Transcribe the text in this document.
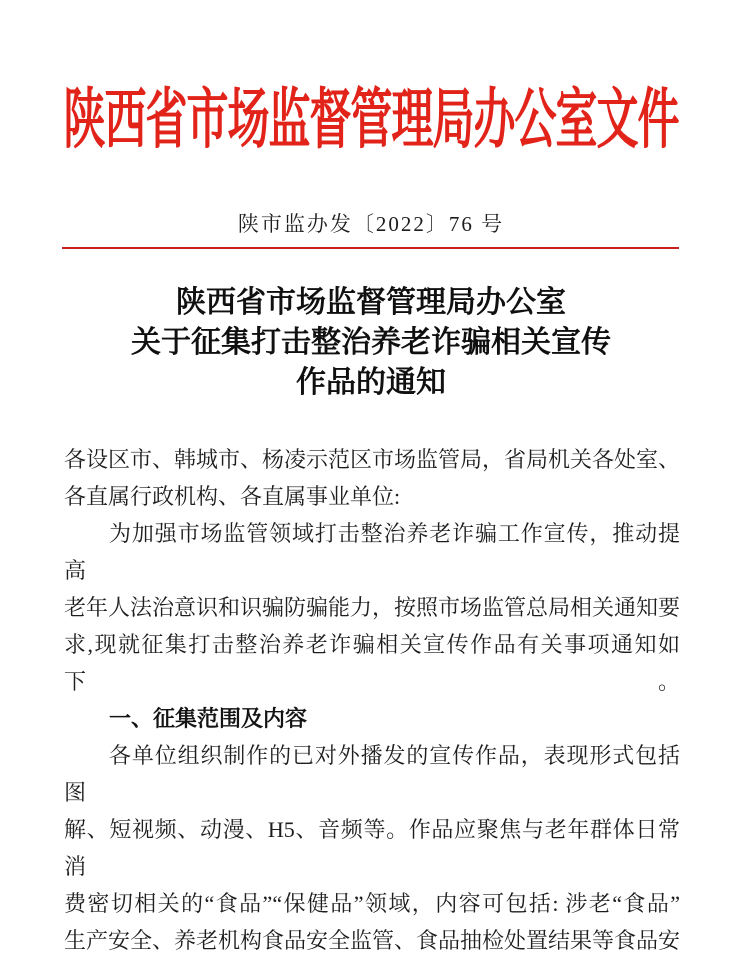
陕西省市场监督管理局办公室文件
陕市监办发〔2022〕76 号
陕西省市场监督管理局办公室
关于征集打击整治养老诈骗相关宣传
作品的通知
各设区市、韩城市、杨凌示范区市场监管局，省局机关各处室、
各直属行政机构、各直属事业单位:
为加强市场监管领域打击整治养老诈骗工作宣传，推动提高
老年人法治意识和识骗防骗能力，按照市场监管总局相关通知要
求,现就征集打击整治养老诈骗相关宣传作品有关事项通知如下。
一、征集范围及内容
各单位组织制作的已对外播发的宣传作品，表现形式包括图
解、短视频、动漫、H5、音频等。作品应聚焦与老年群体日常消
费密切相关的“食品”“保健品”领域，内容可包括: 涉老“食品”
生产安全、养老机构食品安全监管、食品抽检处置结果等食品安
